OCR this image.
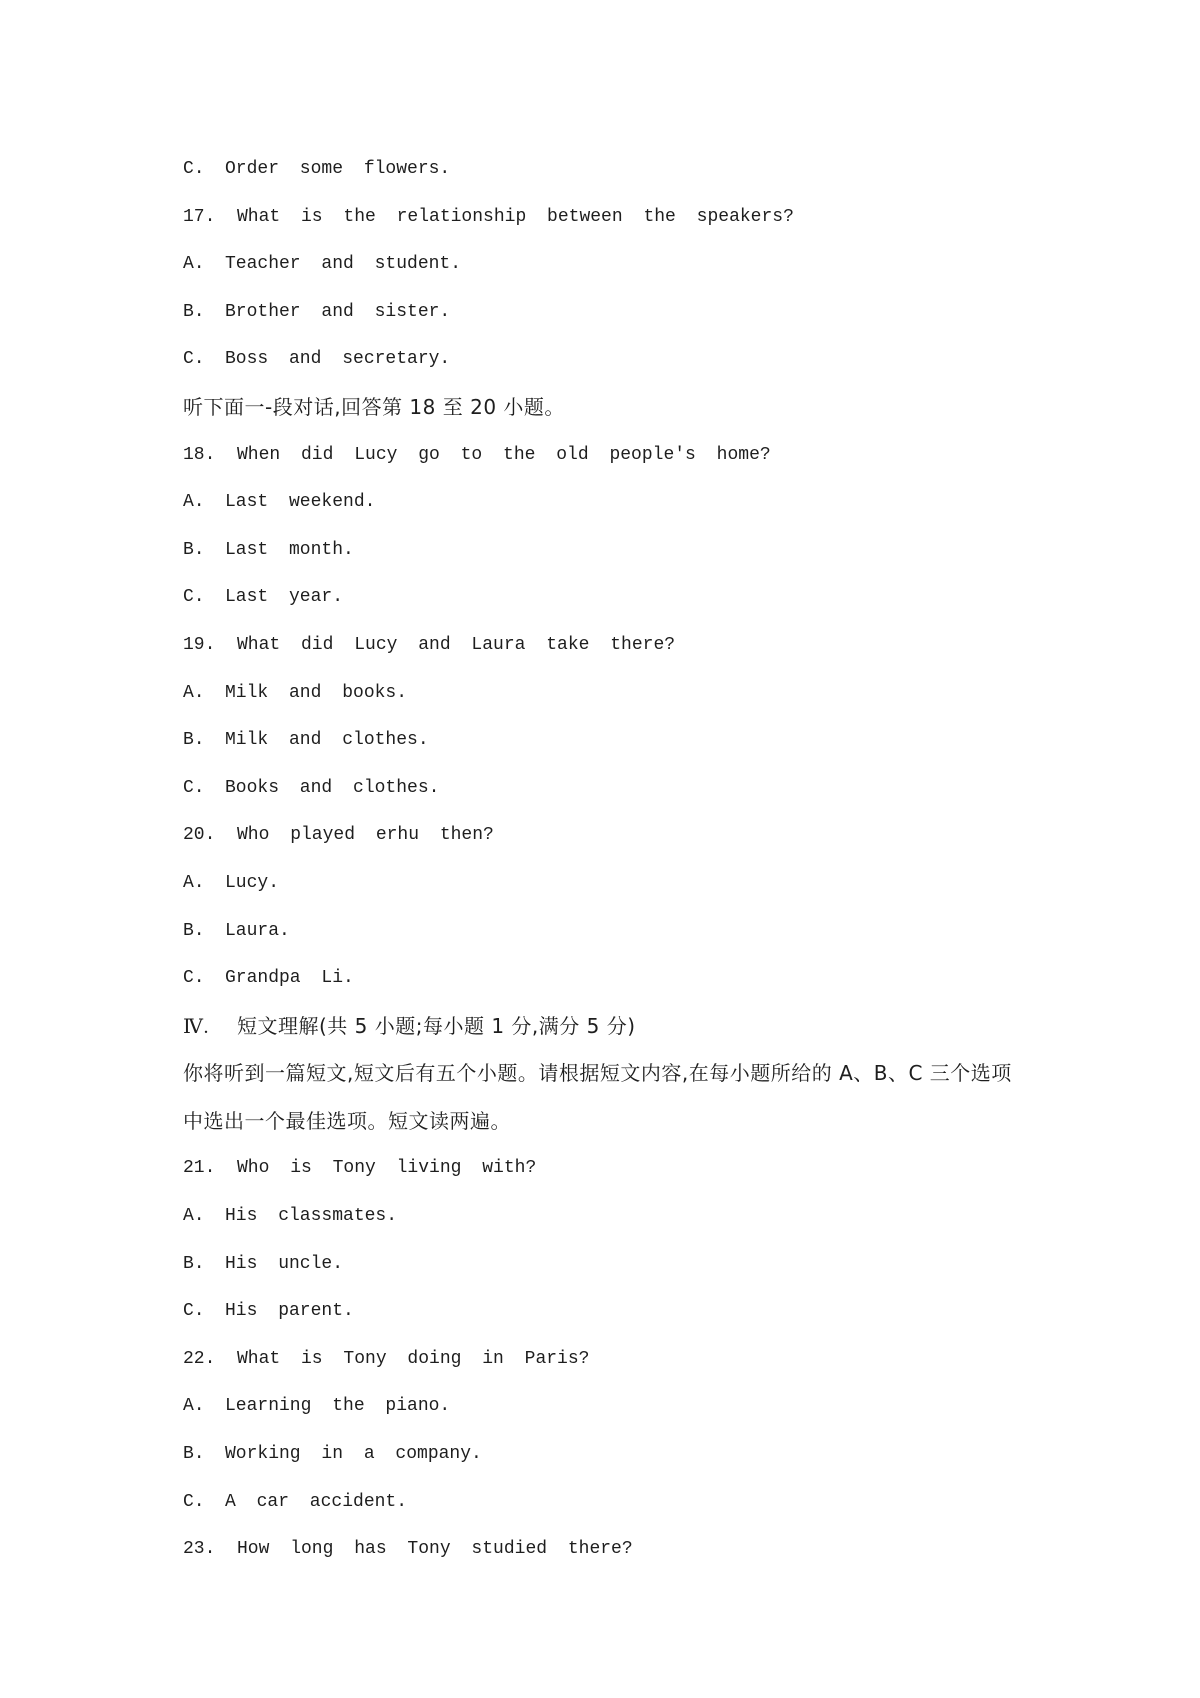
C. Order some flowers.
17. What is the relationship between the speakers?
A. Teacher and student.
B. Brother and sister.
C. Boss and secretary.
听下面一-段对话,回答第 18 至 20 小题。
18. When did Lucy go to the old people's home?
A. Last weekend.
B. Last month.
C. Last year.
19. What did Lucy and Laura take there?
A. Milk and books.
B. Milk and clothes.
C. Books and clothes.
20. Who played erhu then?
A. Lucy.
B. Laura.
C. Grandpa Li.
Ⅳ. 短文理解(共 5 小题;每小题 1 分,满分 5 分)
你将听到一篇短文,短文后有五个小题。请根据短文内容,在每小题所给的 A、B、C 三个选项
中选出一个最佳选项。短文读两遍。
21. Who is Tony living with?
A. His classmates.
B. His uncle.
C. His parent.
22. What is Tony doing in Paris?
A. Learning the piano.
B. Working in a company.
C. A car accident.
23. How long has Tony studied there?
